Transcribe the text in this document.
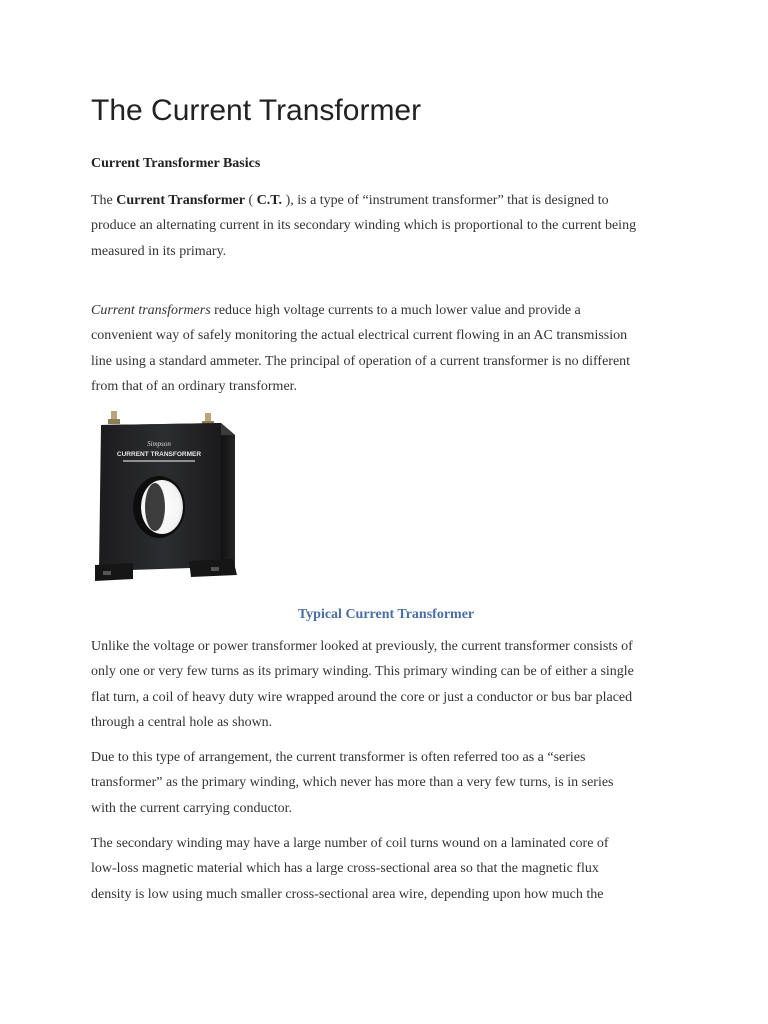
The Current Transformer
Current Transformer Basics

The Current Transformer ( C.T. ), is a type of “instrument transformer” that is designed to
produce an alternating current in its secondary winding which is proportional to the current being
measured in its primary.

Current transformers reduce high voltage currents to a much lower value and provide a
convenient way of safely monitoring the actual electrical current flowing in an AC transmission
line using a standard ammeter. The principal of operation of a current transformer is no different
from that of an ordinary transformer.

Simpson
CURRENT TRANSFORMER
Typical Current Transformer

Unlike the voltage or power transformer looked at previously, the current transformer consists of
only one or very few turns as its primary winding. This primary winding can be of either a single
flat turn, a coil of heavy duty wire wrapped around the core or just a conductor or bus bar placed
through a central hole as shown.

Due to this type of arrangement, the current transformer is often referred too as a “series
transformer” as the primary winding, which never has more than a very few turns, is in series
with the current carrying conductor.

The secondary winding may have a large number of coil turns wound on a laminated core of
low-loss magnetic material which has a large cross-sectional area so that the magnetic flux
density is low using much smaller cross-sectional area wire, depending upon how much the
